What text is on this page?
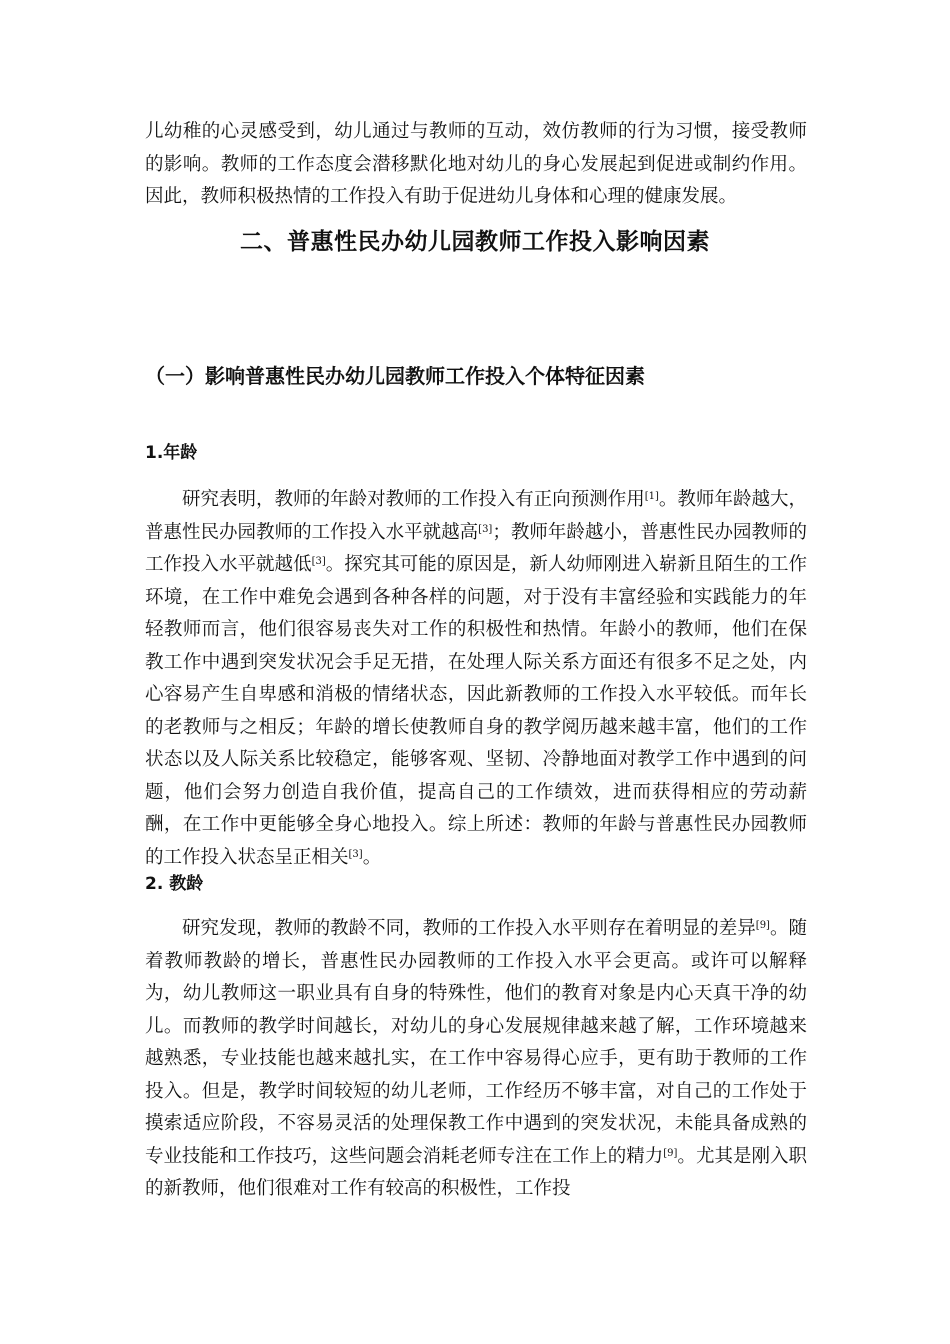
儿幼稚的心灵感受到，幼儿通过与教师的互动，效仿教师的行为习惯，接受教师的影响。教师的工作态度会潜移默化地对幼儿的身心发展起到促进或制约作用。因此，教师积极热情的工作投入有助于促进幼儿身体和心理的健康发展。

二、普惠性民办幼儿园教师工作投入影响因素
（一）影响普惠性民办幼儿园教师工作投入个体特征因素
1.年龄

研究表明，教师的年龄对教师的工作投入有正向预测作用[1]。教师年龄越大，普惠性民办园教师的工作投入水平就越高[3]；教师年龄越小，普惠性民办园教师的工作投入水平就越低[3]。探究其可能的原因是，新人幼师刚进入崭新且陌生的工作环境，在工作中难免会遇到各种各样的问题，对于没有丰富经验和实践能力的年轻教师而言，他们很容易丧失对工作的积极性和热情。年龄小的教师，他们在保教工作中遇到突发状况会手足无措，在处理人际关系方面还有很多不足之处，内心容易产生自卑感和消极的情绪状态，因此新教师的工作投入水平较低。而年长的老教师与之相反；年龄的增长使教师自身的教学阅历越来越丰富，他们的工作状态以及人际关系比较稳定，能够客观、坚韧、冷静地面对教学工作中遇到的问题，他们会努力创造自我价值，提高自己的工作绩效，进而获得相应的劳动薪酬，在工作中更能够全身心地投入。综上所述：教师的年龄与普惠性民办园教师的工作投入状态呈正相关[3]。

2. 教龄

研究发现，教师的教龄不同，教师的工作投入水平则存在着明显的差异[9]。随着教师教龄的增长，普惠性民办园教师的工作投入水平会更高。或许可以解释为，幼儿教师这一职业具有自身的特殊性，他们的教育对象是内心天真干净的幼儿。而教师的教学时间越长，对幼儿的身心发展规律越来越了解，工作环境越来越熟悉，专业技能也越来越扎实，在工作中容易得心应手，更有助于教师的工作投入。但是，教学时间较短的幼儿老师，工作经历不够丰富，对自己的工作处于摸索适应阶段，不容易灵活的处理保教工作中遇到的突发状况，未能具备成熟的专业技能和工作技巧，这些问题会消耗老师专注在工作上的精力[9]。尤其是刚入职的新教师，他们很难对工作有较高的积极性，工作投
